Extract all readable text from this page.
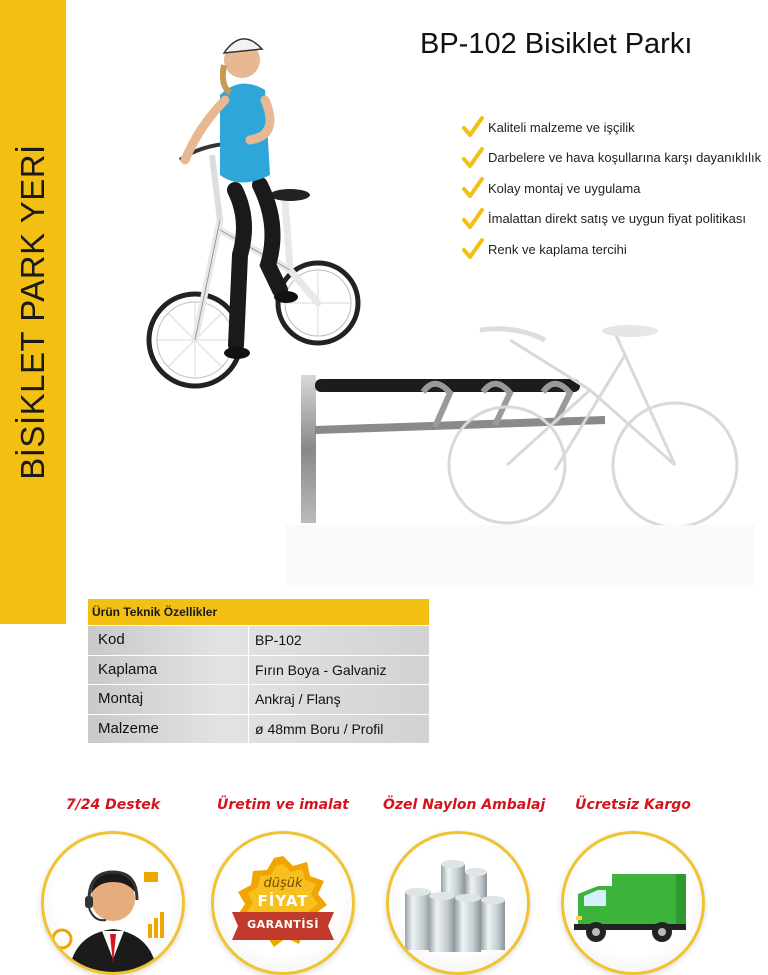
BİSİKLET PARK YERİ
BP-102 Bisiklet Parkı
Kaliteli malzeme ve işçilik
Darbelere ve hava koşullarına karşı dayanıklılık
Kolay montaj ve uygulama
İmalattan direkt satış ve uygun fiyat politikası
Renk ve kaplama tercihi
Ürün Teknik Özellikler
Kod	BP-102
Kaplama	Fırın Boya - Galvaniz
Montaj	Ankraj / Flanş
Malzeme	ø 48mm Boru / Profil
7/24 Destek	Üretim ve imalat
düşük
FİYAT
GARANTİSİ
Özel Naylon Ambalaj	Ücretsiz Kargo
